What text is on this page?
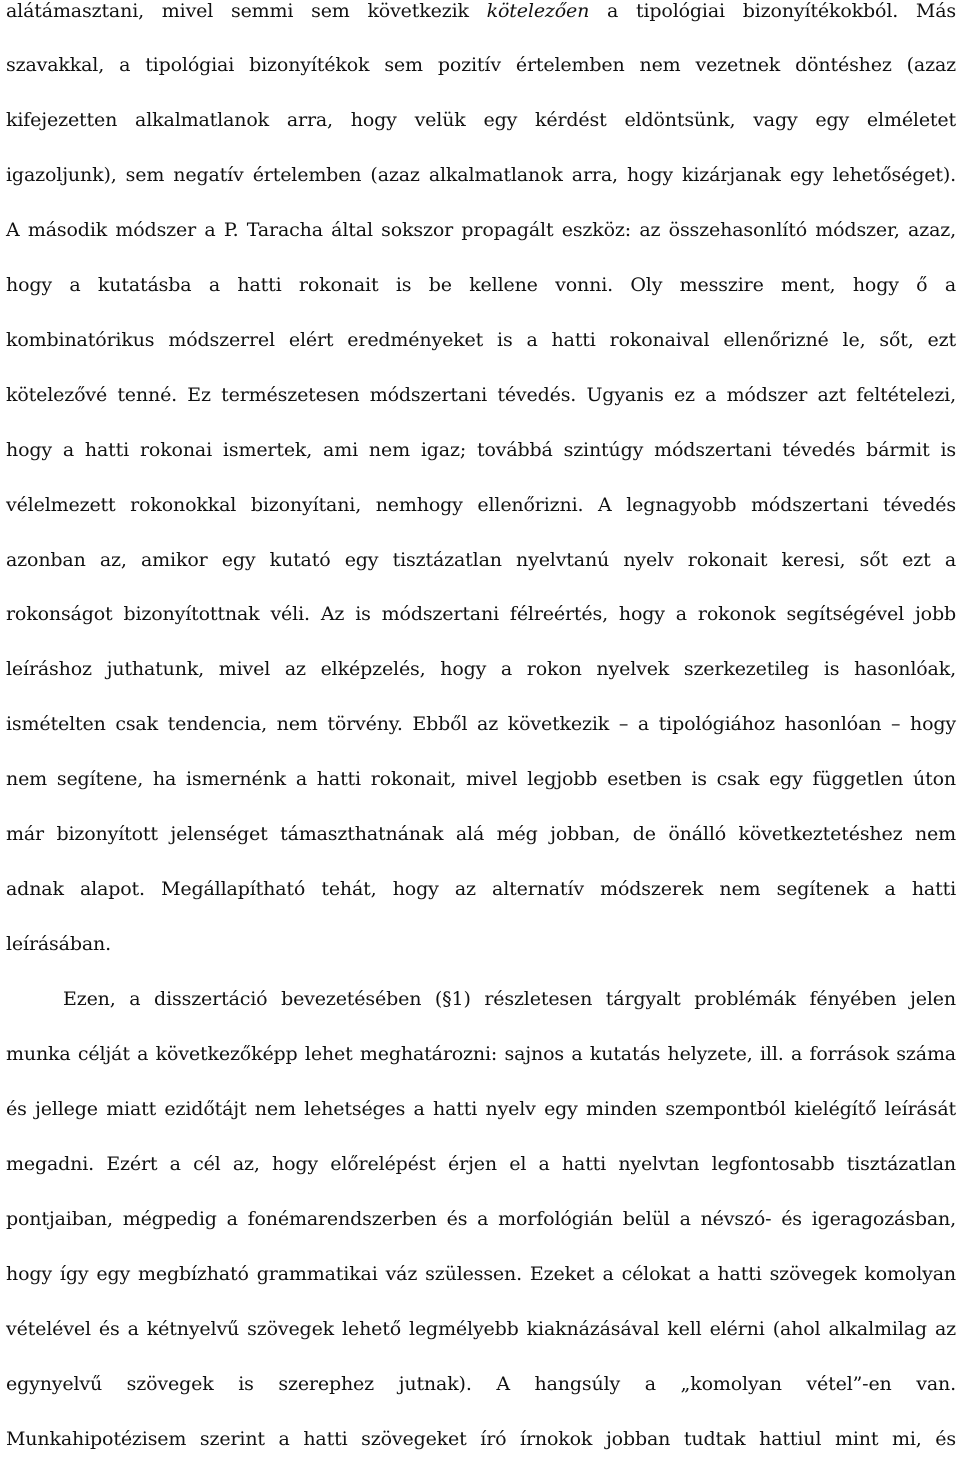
alátámasztani, mivel semmi sem következik kötelezően a tipológiai bizonyítékokból. Más
szavakkal, a tipológiai bizonyítékok sem pozitív értelemben nem vezetnek döntéshez (azaz
kifejezetten alkalmatlanok arra, hogy velük egy kérdést eldöntsünk, vagy egy elméletet
igazoljunk), sem negatív értelemben (azaz alkalmatlanok arra, hogy kizárjanak egy lehetőséget).
A második módszer a P. Taracha által sokszor propagált eszköz: az összehasonlító módszer, azaz,
hogy a kutatásba a hatti rokonait is be kellene vonni. Oly messzire ment, hogy ő a
kombinatórikus módszerrel elért eredményeket is a hatti rokonaival ellenőrizné le, sőt, ezt
kötelezővé tenné. Ez természetesen módszertani tévedés. Ugyanis ez a módszer azt feltételezi,
hogy a hatti rokonai ismertek, ami nem igaz; továbbá szintúgy módszertani tévedés bármit is
vélelmezett rokonokkal bizonyítani, nemhogy ellenőrizni. A legnagyobb módszertani tévedés
azonban az, amikor egy kutató egy tisztázatlan nyelvtanú nyelv rokonait keresi, sőt ezt a
rokonságot bizonyítottnak véli. Az is módszertani félreértés, hogy a rokonok segítségével jobb
leíráshoz juthatunk, mivel az elképzelés, hogy a rokon nyelvek szerkezetileg is hasonlóak,
ismételten csak tendencia, nem törvény. Ebből az következik – a tipológiához hasonlóan – hogy
nem segítene, ha ismernénk a hatti rokonait, mivel legjobb esetben is csak egy független úton
már bizonyított jelenséget támaszthatnának alá még jobban, de önálló következtetéshez nem
adnak alapot. Megállapítható tehát, hogy az alternatív módszerek nem segítenek a hatti
leírásában.
Ezen, a disszertáció bevezetésében (§1) részletesen tárgyalt problémák fényében jelen
munka célját a következőképp lehet meghatározni: sajnos a kutatás helyzete, ill. a források száma
és jellege miatt ezidőtájt nem lehetséges a hatti nyelv egy minden szempontból kielégítő leírását
megadni. Ezért a cél az, hogy előrelépést érjen el a hatti nyelvtan legfontosabb tisztázatlan
pontjaiban, mégpedig a fonémarendszerben és a morfológián belül a névszó- és igeragozásban,
hogy így egy megbízható grammatikai váz szülessen. Ezeket a célokat a hatti szövegek komolyan
vételével és a kétnyelvű szövegek lehető legmélyebb kiaknázásával kell elérni (ahol alkalmilag az
egynyelvű szövegek is szerephez jutnak). A hangsúly a „komolyan vétel”-en van.
Munkahipotézisem szerint a hatti szövegeket író írnokok jobban tudtak hattiul mint mi, és
